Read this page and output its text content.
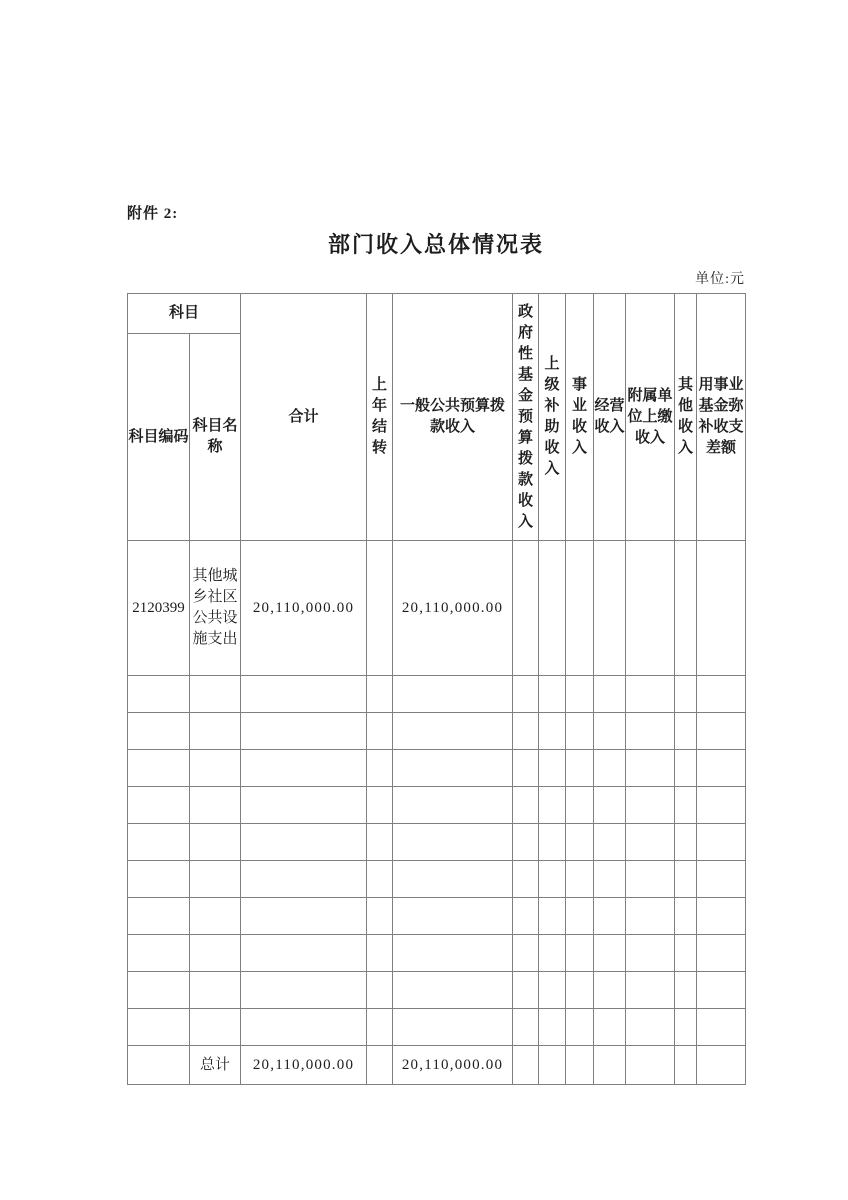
附件 2:
部门收入总体情况表
单位:元
科目		合计	上年结转	一般公共预算拨款收入	政府性基金预算拨款收入	上级补助收入	事业收入	经营收入	附属单位上缴收入	其他收入	用事业基金弥补收支差额
科目编码	科目名称										
2120399	其他城乡社区公共设施支出	20,110,000.00		20,110,000.00							

	总计	20,110,000.00		20,110,000.00							
